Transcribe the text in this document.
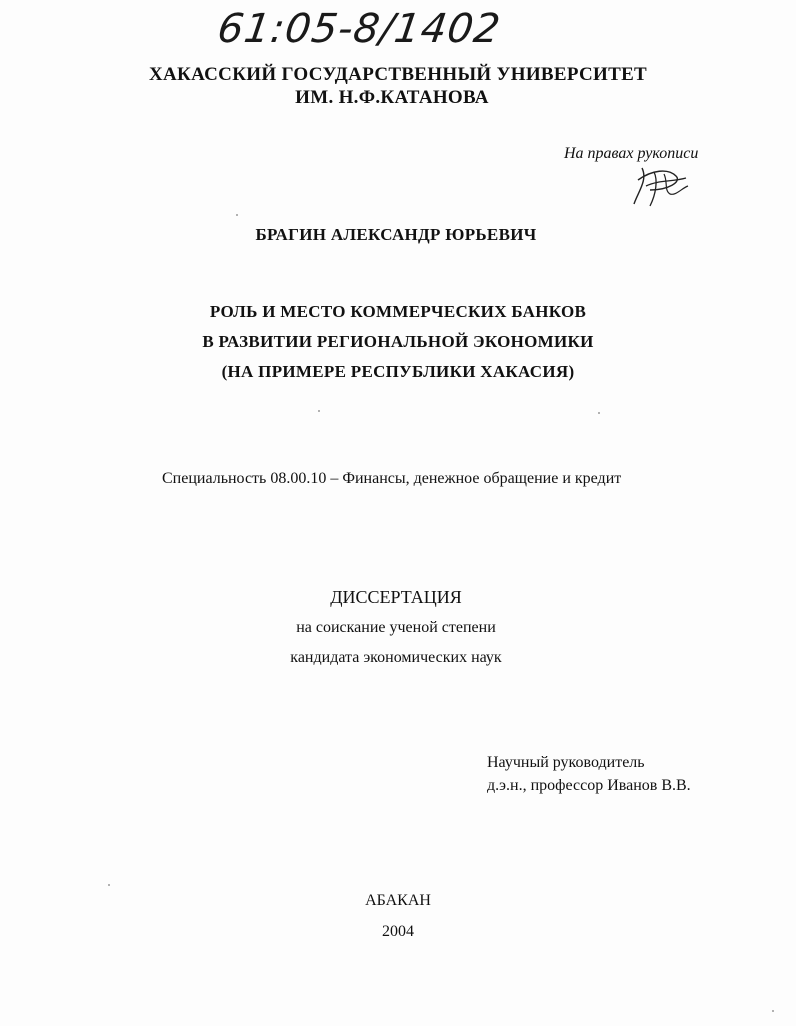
61:05-8/1402
ХАКАССКИЙ ГОСУДАРСТВЕННЫЙ УНИВЕРСИТЕТ
ИМ. Н.Ф.КАТАНОВА
На правах рукописи
БРАГИН АЛЕКСАНДР ЮРЬЕВИЧ
РОЛЬ И МЕСТО КОММЕРЧЕСКИХ БАНКОВ
В РАЗВИТИИ РЕГИОНАЛЬНОЙ ЭКОНОМИКИ
(НА ПРИМЕРЕ РЕСПУБЛИКИ ХАКАСИЯ)
Специальность 08.00.10 – Финансы, денежное обращение и кредит
ДИССЕРТАЦИЯ
на соискание ученой степени
кандидата экономических наук
Научный руководитель
д.э.н., профессор Иванов В.В.
АБАКАН
2004
